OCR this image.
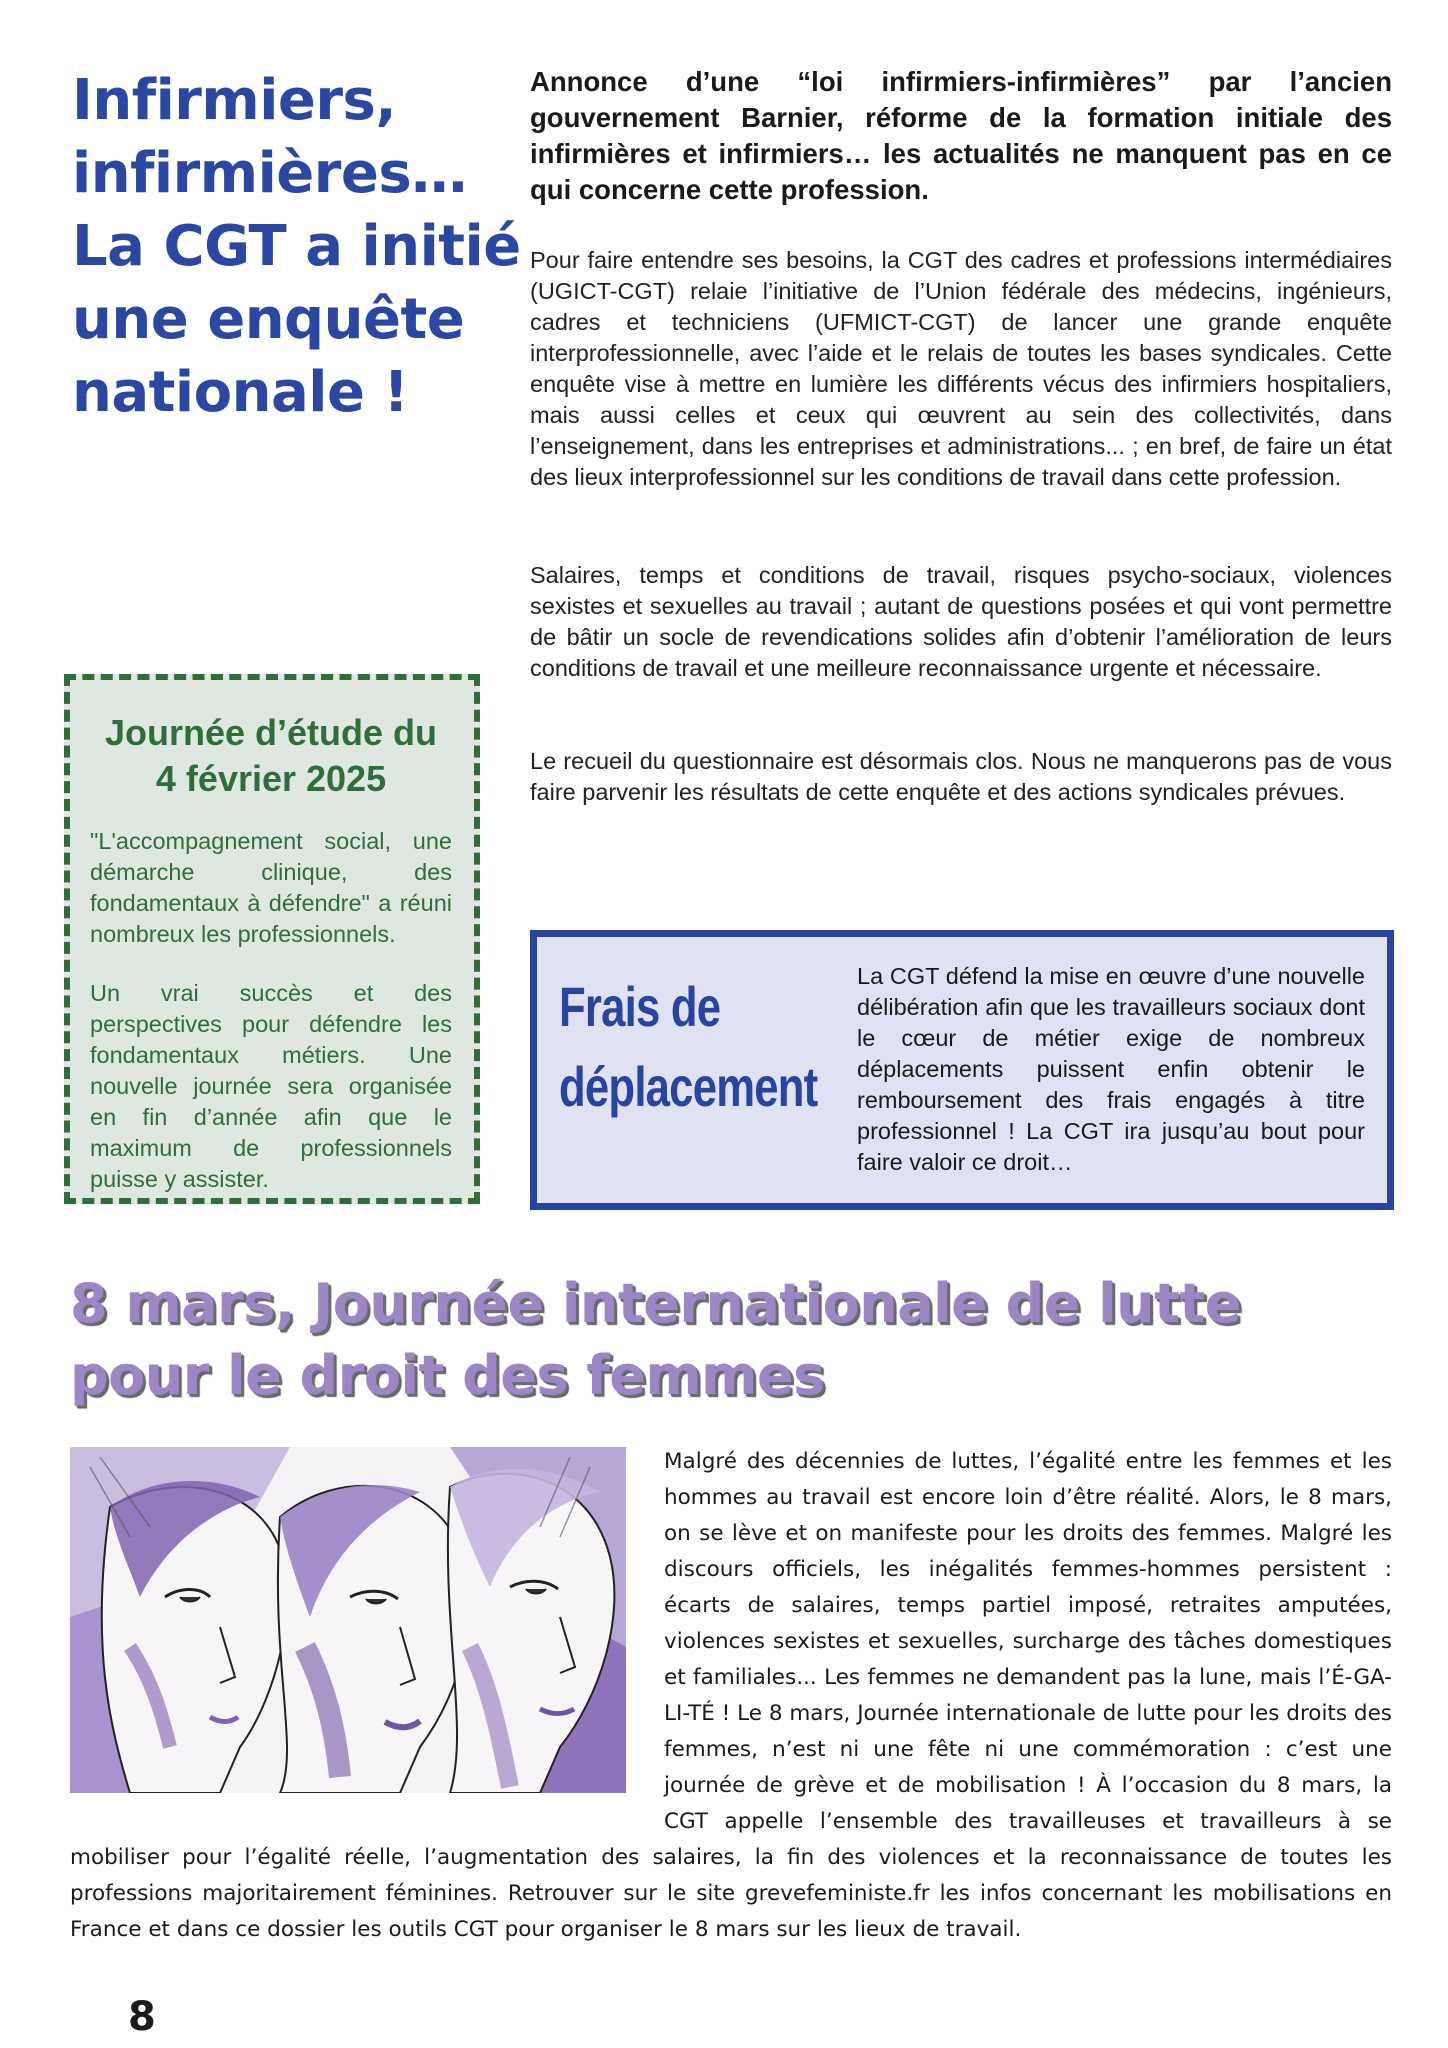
Infirmiers,
infirmières…
La CGT a initié
une enquête
nationale !
Annonce d’une “loi infirmiers-infirmières” par l’ancien gouvernement Barnier, réforme de la formation initiale des infirmières et infirmiers… les actualités ne manquent pas en ce qui concerne cette profession.
Pour faire entendre ses besoins, la CGT des cadres et professions intermédiaires (UGICT-CGT) relaie l’initiative de l’Union fédérale des médecins, ingénieurs, cadres et techniciens (UFMICT-CGT) de lancer une grande enquête interprofessionnelle, avec l’aide et le relais de toutes les bases syndicales. Cette enquête vise à mettre en lumière les différents vécus des infirmiers hospitaliers, mais aussi celles et ceux qui œuvrent au sein des collectivités, dans l’enseignement, dans les entreprises et administrations... ; en bref, de faire un état des lieux interprofessionnel sur les conditions de travail dans cette profession.
Salaires, temps et conditions de travail, risques psycho-sociaux, violences sexistes et sexuelles au travail ; autant de questions posées et qui vont permettre de bâtir un socle de revendications solides afin d’obtenir l’amélioration de leurs conditions de travail et une meilleure reconnaissance urgente et nécessaire.
Le recueil du questionnaire est désormais clos. Nous ne manquerons pas de vous faire parvenir les résultats de cette enquête et des actions syndicales prévues.
Journée d’étude du
4 février 2025
"L'accompagnement social, une démarche clinique, des fondamentaux à défendre" a réuni nombreux les professionnels.
Un vrai succès et des perspectives pour défendre les fondamentaux métiers. Une nouvelle journée sera organisée en fin d’année afin que le maximum de professionnels puisse y assister.
Frais de
déplacement
La CGT défend la mise en œuvre d’une nouvelle délibération afin que les travailleurs sociaux dont le cœur de métier exige de nombreux déplacements puissent enfin obtenir le remboursement des frais engagés à titre professionnel ! La CGT ira jusqu’au bout pour faire valoir ce droit…
8 mars, Journée internationale de lutte
pour le droit des femmes
Malgré des décennies de luttes, l’égalité entre les femmes et les hommes au travail est encore loin d’être réalité. Alors, le 8 mars, on se lève et on manifeste pour les droits des femmes. Malgré les discours officiels, les inégalités femmes-hommes persistent : écarts de salaires, temps partiel imposé, retraites amputées, violences sexistes et sexuelles, surcharge des tâches domestiques et familiales... Les femmes ne demandent pas la lune, mais l’É-GA-LI-TÉ ! Le 8 mars, Journée internationale de lutte pour les droits des femmes, n’est ni une fête ni une commémoration : c’est une journée de grève et de mobilisation ! À l’occasion du 8 mars, la CGT appelle l’ensemble des travailleuses et travailleurs à se mobiliser pour l’égalité réelle, l’augmentation des salaires, la fin des violences et la reconnaissance de toutes les professions majoritairement féminines. Retrouver sur le site grevefeministe.fr les infos concernant les mobilisations en France et dans ce dossier les outils CGT pour organiser le 8 mars sur les lieux de travail.
8
